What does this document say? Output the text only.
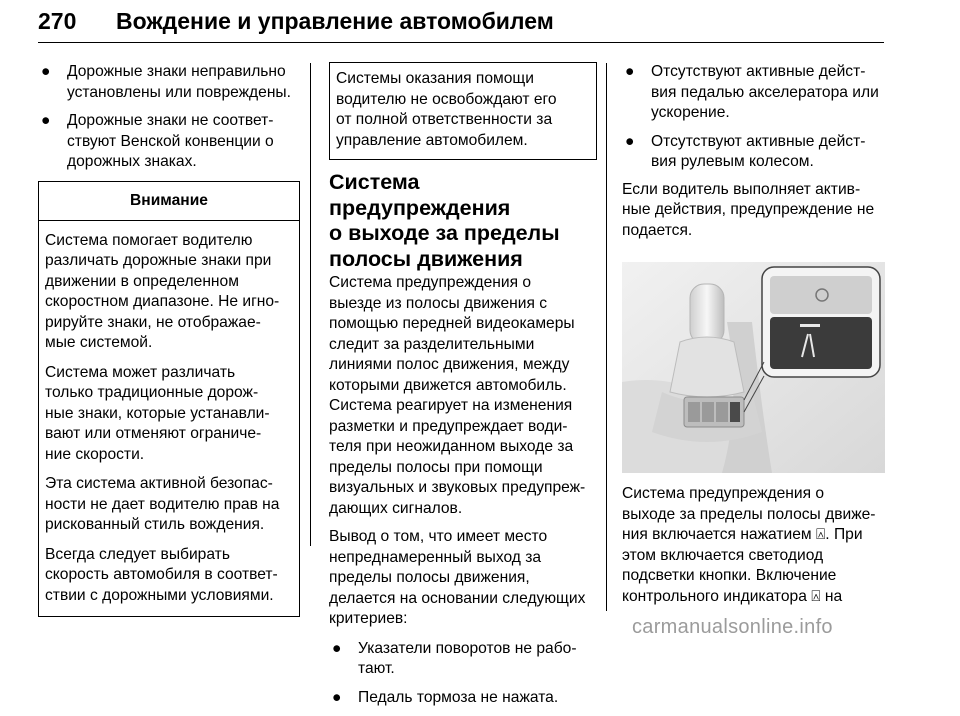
270 Вождение и управление автомобилем
● Дорожные знаки неправильно
установлены или повреждены.
● Дорожные знаки не соответ-
ствуют Венской конвенции о
дорожных знаках.
Внимание

Система помогает водителю
различать дорожные знаки при
движении в определенном
скоростном диапазоне. Не игно-
рируйте знаки, не отображае-
мые системой.

Система может различать
только традиционные дорож-
ные знаки, которые устанавли-
вают или отменяют ограниче-
ние скорости.

Эта система активной безопас-
ности не дает водителю прав на
рискованный стиль вождения.

Всегда следует выбирать
скорость автомобиля в соответ-
ствии с дорожными условиями.

Системы оказания помощи
водителю не освобождают его
от полной ответственности за
управление автомобилем.
Система предупреждения
о выходе за пределы
полосы движения

Система предупреждения о
выезде из полосы движения с
помощью передней видеокамеры
следит за разделительными
линиями полос движения, между
которыми движется автомобиль.
Система реагирует на изменения
разметки и предупреждает води-
теля при неожиданном выходе за
пределы полосы при помощи
визуальных и звуковых предупреж-
дающих сигналов.

Вывод о том, что имеет место
непреднамеренный выход за
пределы полосы движения,
делается на основании следующих
критериев:

● Указатели поворотов не рабо-
тают.
● Педаль тормоза не нажата.
● Отсутствуют активные дейст-
вия педалью акселератора или
ускорение.
● Отсутствуют активные дейст-
вия рулевым колесом.

Если водитель выполняет актив-
ные действия, предупреждение не
подается.

Система предупреждения о
выходе за пределы полосы движе-
ния включается нажатием ⍓. При
этом включается светодиод
подсветки кнопки. Включение
контрольного индикатора ⍓ на

carmanualsonline.info
